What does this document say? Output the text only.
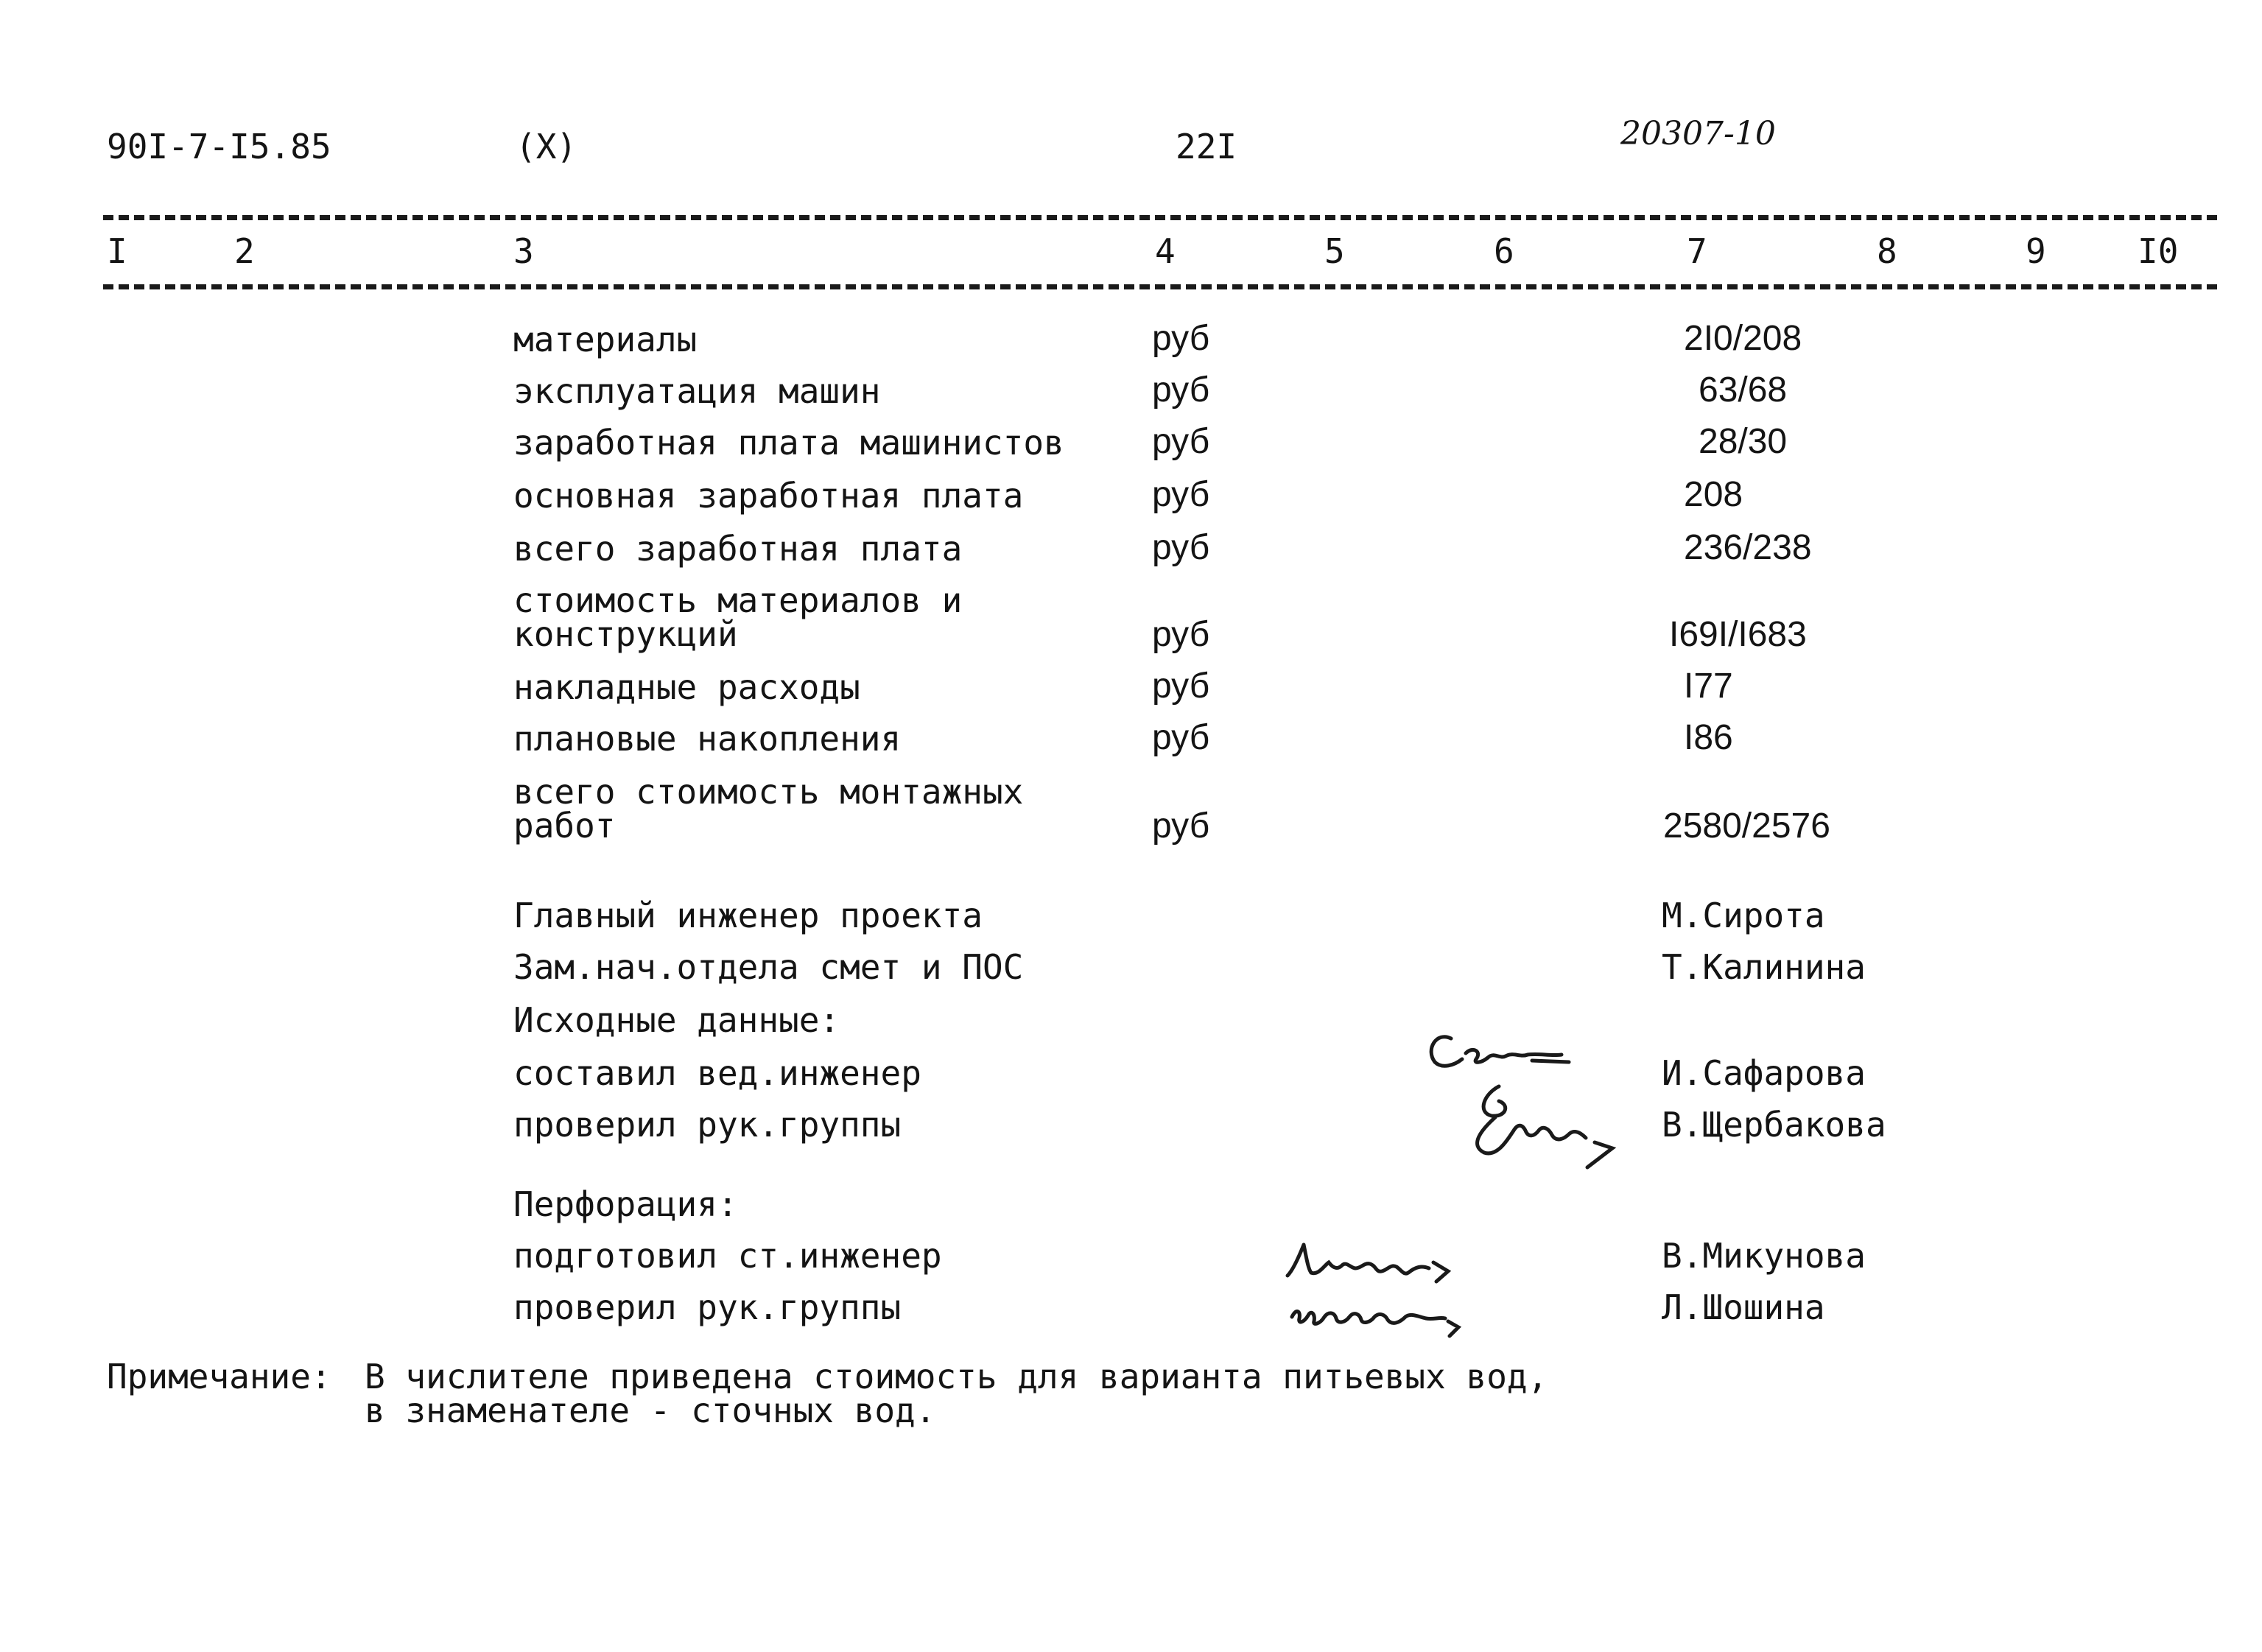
90I-7-I5.85	(X)	22I	20307-10
I	2	3	4	5	6	7	8	9	I0
материалы	руб	2I0/208
эксплуатация машин	руб	63/68
заработная плата машинистов руб	28/30
основная заработная плата	руб	208
всего заработная плата	руб	236/238
стоимость материалов и
конструкций	руб	I69I/I683
накладные расходы	руб	I77
плановые накопления	руб	I86
всего стоимость монтажных
работ	руб	2580/2576
Главный инженер проекта	М.Сирота
Зам.нач.отдела смет и ПОС	Т.Калинина
Исходные данные:
составил вед.инженер	И.Сафарова
проверил рук.группы	В.Щербакова
Перфорация:
подготовил ст.инженер	В.Микунова
проверил рук.группы	Л.Шошина
Примечание: В числителе приведена стоимость для варианта питьевых вод,
в знаменателе - сточных вод.
